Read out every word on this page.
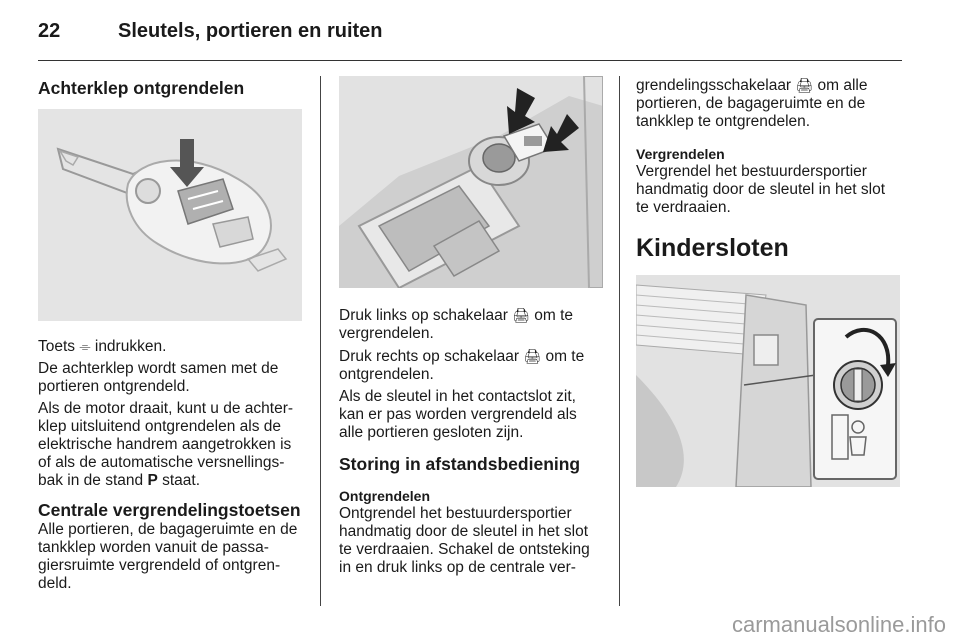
22	Sleutels, portieren en ruiten
Achterklep ontgrendelen

Toets ⌯ indrukken.

De achterklep wordt samen met de portieren ontgrendeld.

Als de motor draait, kunt u de achterklep uitsluitend ontgrendelen als de elektrische handrem aangetrokken is of als de automatische versnellingsbak in de stand P staat.

Centrale vergrendelingstoetsen

Alle portieren, de bagageruimte en de tankklep worden vanuit de passagiersruimte vergrendeld of ontgrendeld.

Druk links op schakelaar 🖨 om te vergrendelen.

Druk rechts op schakelaar 🖨 om te ontgrendelen.

Als de sleutel in het contactslot zit, kan er pas worden vergrendeld als alle portieren gesloten zijn.

Storing in afstandsbediening

Ontgrendelen

Ontgrendel het bestuurdersportier handmatig door de sleutel in het slot te verdraaien. Schakel de ontsteking in en druk links op de centrale ver-

grendelingsschakelaar 🖨 om alle portieren, de bagageruimte en de tankklep te ontgrendelen.

Vergrendelen

Vergrendel het bestuurdersportier handmatig door de sleutel in het slot te verdraaien.

Kindersloten
carmanualsonline.info
